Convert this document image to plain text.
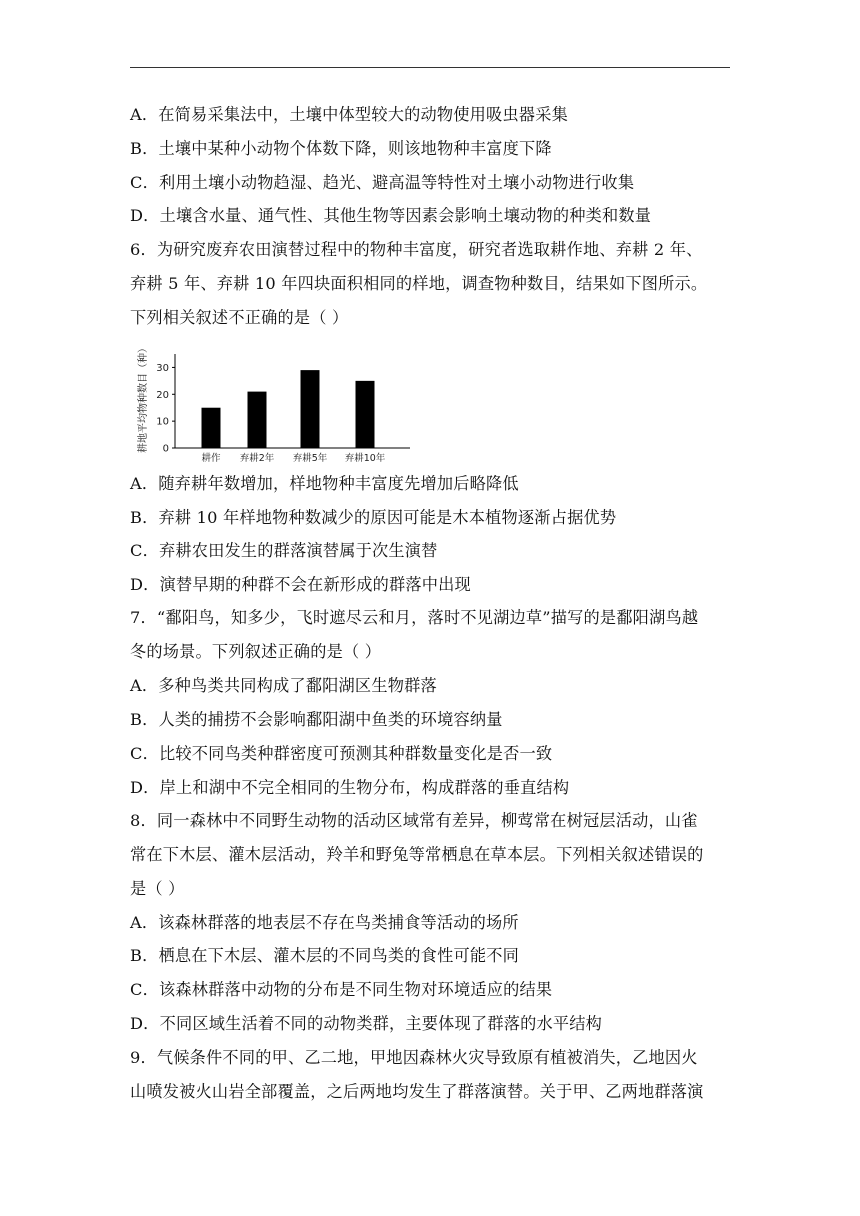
A．在简易采集法中，土壤中体型较大的动物使用吸虫器采集
B．土壤中某种小动物个体数下降，则该地物种丰富度下降
C．利用土壤小动物趋湿、趋光、避高温等特性对土壤小动物进行收集
D．土壤含水量、通气性、其他生物等因素会影响土壤动物的种类和数量
6．为研究废弃农田演替过程中的物种丰富度，研究者选取耕作地、弃耕 2 年、
弃耕 5 年、弃耕 10 年四块面积相同的样地，调查物种数目，结果如下图所示。
下列相关叙述不正确的是（ ）
A．随弃耕年数增加，样地物种丰富度先增加后略降低
B．弃耕 10 年样地物种数减少的原因可能是木本植物逐渐占据优势
C．弃耕农田发生的群落演替属于次生演替
D．演替早期的种群不会在新形成的群落中出现
7．“鄱阳鸟，知多少，飞时遮尽云和月，落时不见湖边草”描写的是鄱阳湖鸟越
冬的场景。下列叙述正确的是（ ）
A．多种鸟类共同构成了鄱阳湖区生物群落
B．人类的捕捞不会影响鄱阳湖中鱼类的环境容纳量
C．比较不同鸟类种群密度可预测其种群数量变化是否一致
D．岸上和湖中不完全相同的生物分布，构成群落的垂直结构
8．同一森林中不同野生动物的活动区域常有差异，柳莺常在树冠层活动，山雀
常在下木层、灌木层活动，羚羊和野兔等常栖息在草本层。下列相关叙述错误的
是（ ）
A．该森林群落的地表层不存在鸟类捕食等活动的场所
B．栖息在下木层、灌木层的不同鸟类的食性可能不同
C．该森林群落中动物的分布是不同生物对环境适应的结果
D．不同区域生活着不同的动物类群，主要体现了群落的水平结构
9．气候条件不同的甲、乙二地，甲地因森林火灾导致原有植被消失，乙地因火
山喷发被火山岩全部覆盖，之后两地均发生了群落演替。关于甲、乙两地群落演
耕地平均物种数目（种） 0
10
20
30
耕作 弃耕2年 弃耕5年 弃耕10年
